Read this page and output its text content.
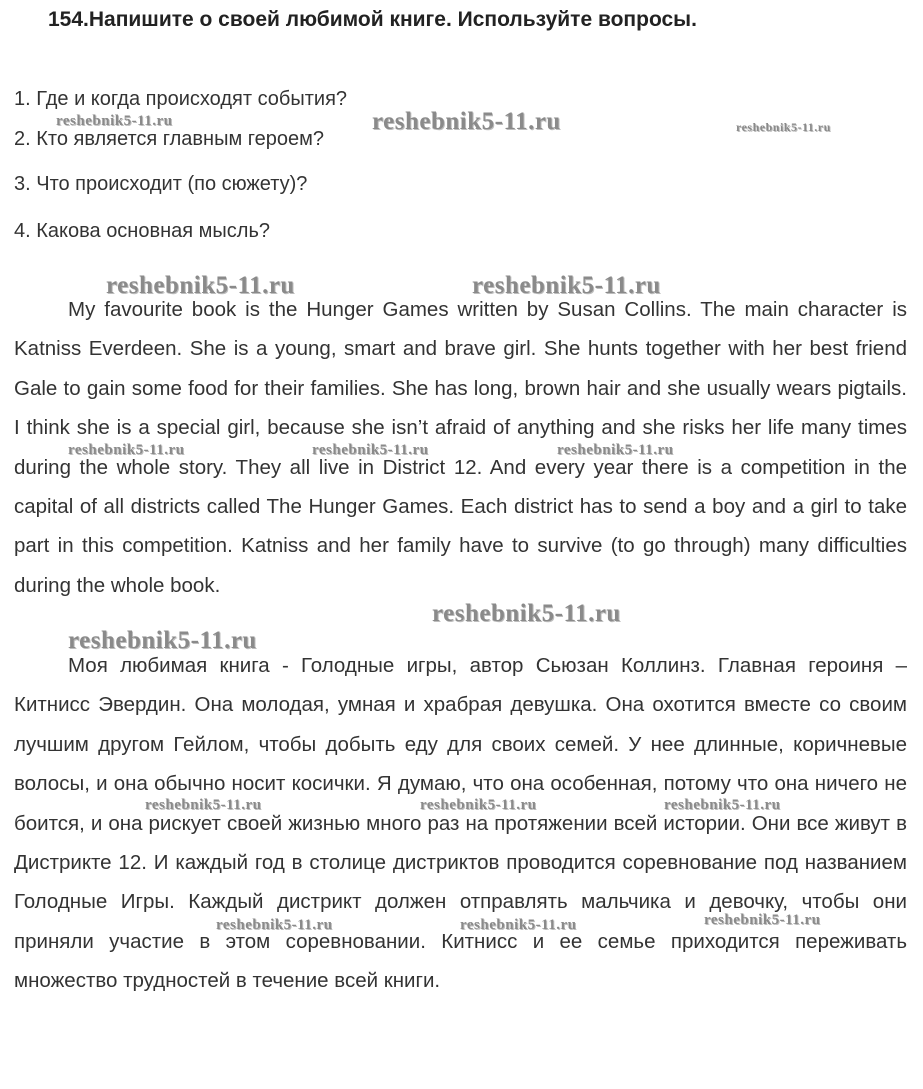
154.Напишите о своей любимой книге. Используйте вопросы.
1. Где и когда происходят события?
2. Кто является главным героем?
3. Что происходит (по сюжету)?
4. Какова основная мысль?

My favourite book is the Hunger Games written by Susan Collins. The main character is Katniss Everdeen. She is a young, smart and brave girl. She hunts together with her best friend Gale to gain some food for their families. She has long, brown hair and she usually wears pigtails. I think she is a special girl, because she isn’t afraid of anything and she risks her life many times during the whole story. They all live in District 12. And every year there is a competition in the capital of all districts called The Hunger Games. Each district has to send a boy and a girl to take part in this competition. Katniss and her family have to survive (to go through) many difficulties during the whole book.

Моя любимая книга - Голодные игры, автор Сьюзан Коллинз. Главная героиня – Китнисс Эвердин. Она молодая, умная и храбрая девушка. Она охотится вместе со своим лучшим другом Гейлом, чтобы добыть еду для своих семей. У нее длинные, коричневые волосы, и она обычно носит косички. Я думаю, что она особенная, потому что она ничего не боится, и она рискует своей жизнью много раз на протяжении всей истории. Они все живут в Дистрикте 12. И каждый год в столице дистриктов проводится соревнование под названием Голодные Игры. Каждый дистрикт должен отправлять мальчика и девочку, чтобы они приняли участие в этом соревновании. Китнисс и ее семье приходится переживать множество трудностей в течение всей книги.

reshebnik5-11.ru	reshebnik5-11.ru	reshebnik5-11.ru
reshebnik5-11.ru	reshebnik5-11.ru
reshebnik5-11.ru	reshebnik5-11.ru	reshebnik5-11.ru
reshebnik5-11.ru
reshebnik5-11.ru
reshebnik5-11.ru	reshebnik5-11.ru	reshebnik5-11.ru
reshebnik5-11.ru	reshebnik5-11.ru	reshebnik5-11.ru
